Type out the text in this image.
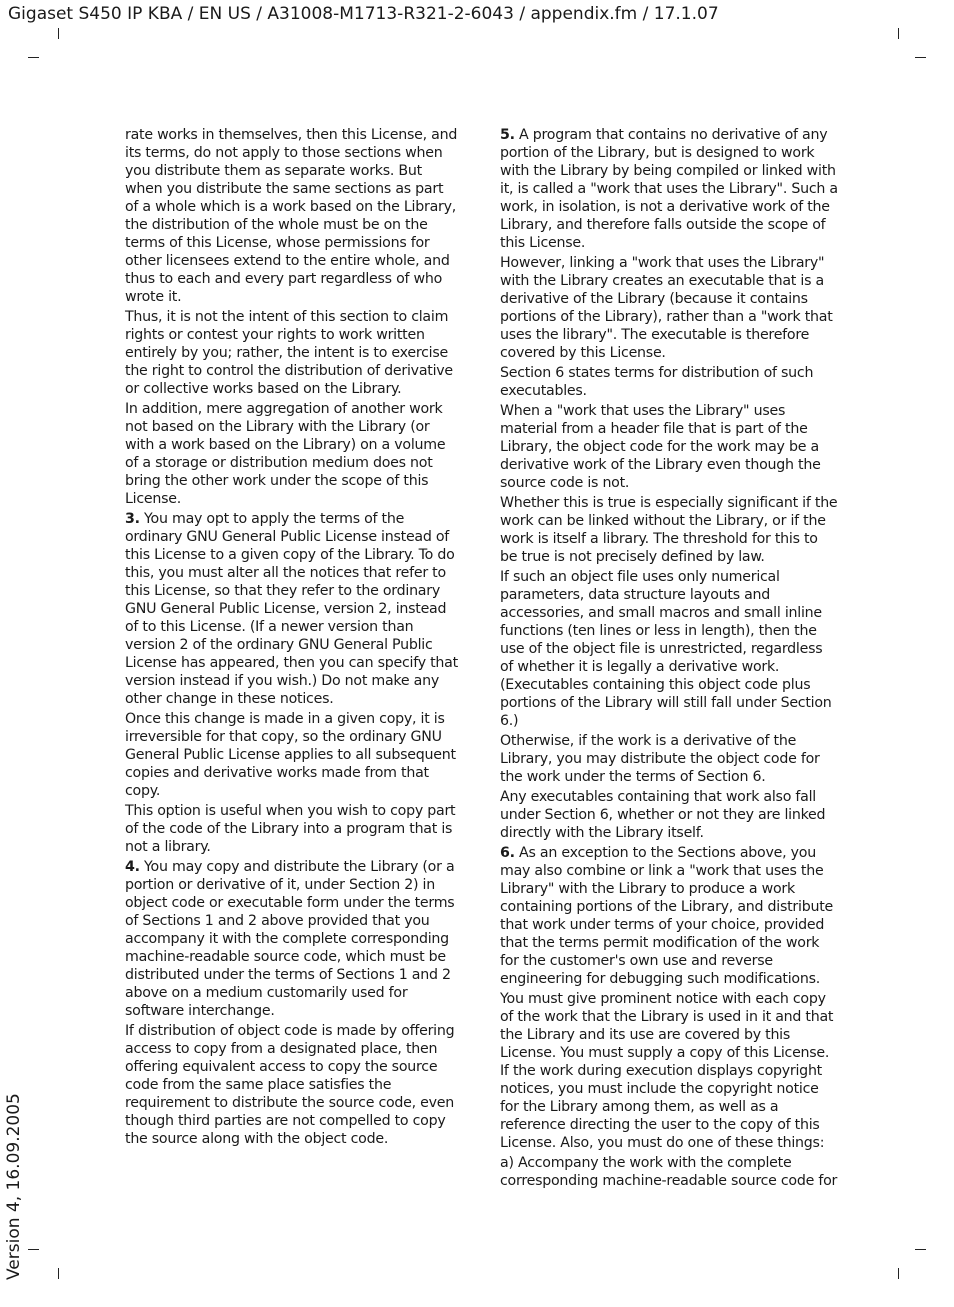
Gigaset S450 IP KBA / EN US / A31008-M1713-R321-2-6043 / appendix.fm / 17.1.07
Version 4, 16.09.2005

rate works in themselves, then this License, and its terms, do not apply to those sections when you distribute them as separate works. But when you distribute the same sections as part of a whole which is a work based on the Library, the distribution of the whole must be on the terms of this License, whose permissions for other licensees extend to the entire whole, and thus to each and every part regardless of who wrote it.

Thus, it is not the intent of this section to claim rights or contest your rights to work written entirely by you; rather, the intent is to exercise the right to control the distribution of derivative or collective works based on the Library.

In addition, mere aggregation of another work not based on the Library with the Library (or with a work based on the Library) on a volume of a storage or distribution medium does not bring the other work under the scope of this License.

3. You may opt to apply the terms of the ordinary GNU General Public License instead of this License to a given copy of the Library. To do this, you must alter all the notices that refer to this License, so that they refer to the ordinary GNU General Public License, version 2, instead of to this License. (If a newer version than version 2 of the ordinary GNU General Public License has appeared, then you can specify that version instead if you wish.) Do not make any other change in these notices.

Once this change is made in a given copy, it is irreversible for that copy, so the ordinary GNU General Public License applies to all subsequent copies and derivative works made from that copy.

This option is useful when you wish to copy part of the code of the Library into a program that is not a library.

4. You may copy and distribute the Library (or a portion or derivative of it, under Section 2) in object code or executable form under the terms of Sections 1 and 2 above provided that you accompany it with the complete corresponding machine-readable source code, which must be distributed under the terms of Sections 1 and 2 above on a medium customarily used for software interchange.

If distribution of object code is made by offering access to copy from a designated place, then offering equivalent access to copy the source code from the same place satisfies the requirement to distribute the source code, even though third parties are not compelled to copy the source along with the object code.

5. A program that contains no derivative of any portion of the Library, but is designed to work with the Library by being compiled or linked with it, is called a "work that uses the Library". Such a work, in isolation, is not a derivative work of the Library, and therefore falls outside the scope of this License.

However, linking a "work that uses the Library" with the Library creates an executable that is a derivative of the Library (because it contains portions of the Library), rather than a "work that uses the library". The executable is therefore covered by this License.

Section 6 states terms for distribution of such executables.

When a "work that uses the Library" uses material from a header file that is part of the Library, the object code for the work may be a derivative work of the Library even though the source code is not.

Whether this is true is especially significant if the work can be linked without the Library, or if the work is itself a library. The threshold for this to be true is not precisely defined by law.

If such an object file uses only numerical parameters, data structure layouts and accessories, and small macros and small inline functions (ten lines or less in length), then the use of the object file is unrestricted, regardless of whether it is legally a derivative work. (Executables containing this object code plus portions of the Library will still fall under Section 6.)

Otherwise, if the work is a derivative of the Library, you may distribute the object code for the work under the terms of Section 6.

Any executables containing that work also fall under Section 6, whether or not they are linked directly with the Library itself.

6. As an exception to the Sections above, you may also combine or link a "work that uses the Library" with the Library to produce a work containing portions of the Library, and distribute that work under terms of your choice, provided that the terms permit modification of the work for the customer's own use and reverse engineering for debugging such modifications.

You must give prominent notice with each copy of the work that the Library is used in it and that the Library and its use are covered by this License. You must supply a copy of this License. If the work during execution displays copyright notices, you must include the copyright notice for the Library among them, as well as a reference directing the user to the copy of this License. Also, you must do one of these things:

a) Accompany the work with the complete corresponding machine-readable source code for
